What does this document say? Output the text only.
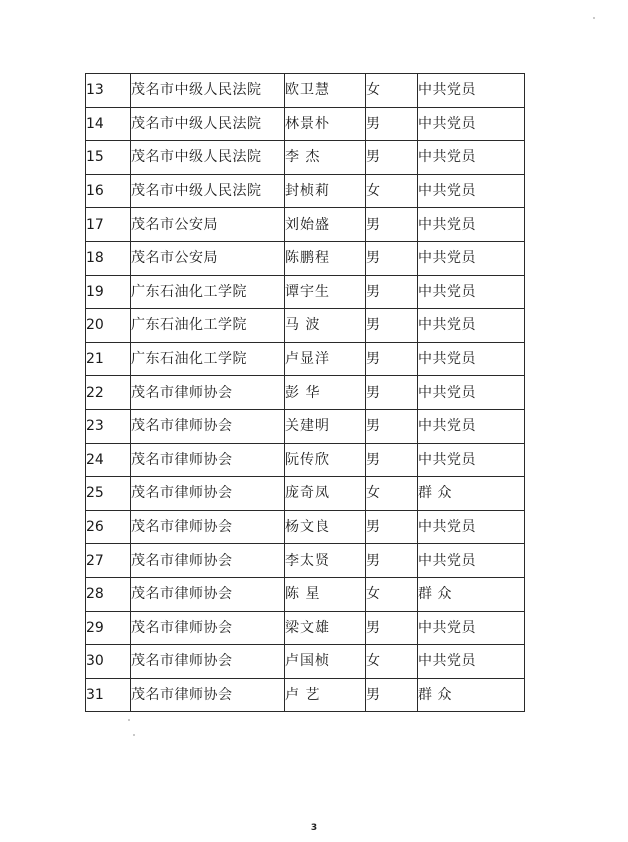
13	茂名市中级人民法院	欧卫慧	女	中共党员
14	茂名市中级人民法院	林景朴	男	中共党员
15	茂名市中级人民法院	李 杰	男	中共党员
16	茂名市中级人民法院	封桢莉	女	中共党员
17	茂名市公安局	刘始盛	男	中共党员
18	茂名市公安局	陈鹏程	男	中共党员
19	广东石油化工学院	谭宇生	男	中共党员
20	广东石油化工学院	马 波	男	中共党员
21	广东石油化工学院	卢显洋	男	中共党员
22	茂名市律师协会	彭 华	男	中共党员
23	茂名市律师协会	关建明	男	中共党员
24	茂名市律师协会	阮传欣	男	中共党员
25	茂名市律师协会	庞奇凤	女	群 众
26	茂名市律师协会	杨文良	男	中共党员
27	茂名市律师协会	李太贤	男	中共党员
28	茂名市律师协会	陈 星	女	群 众
29	茂名市律师协会	梁文雄	男	中共党员
30	茂名市律师协会	卢国桢	女	中共党员
31	茂名市律师协会	卢 艺	男	群 众
3
